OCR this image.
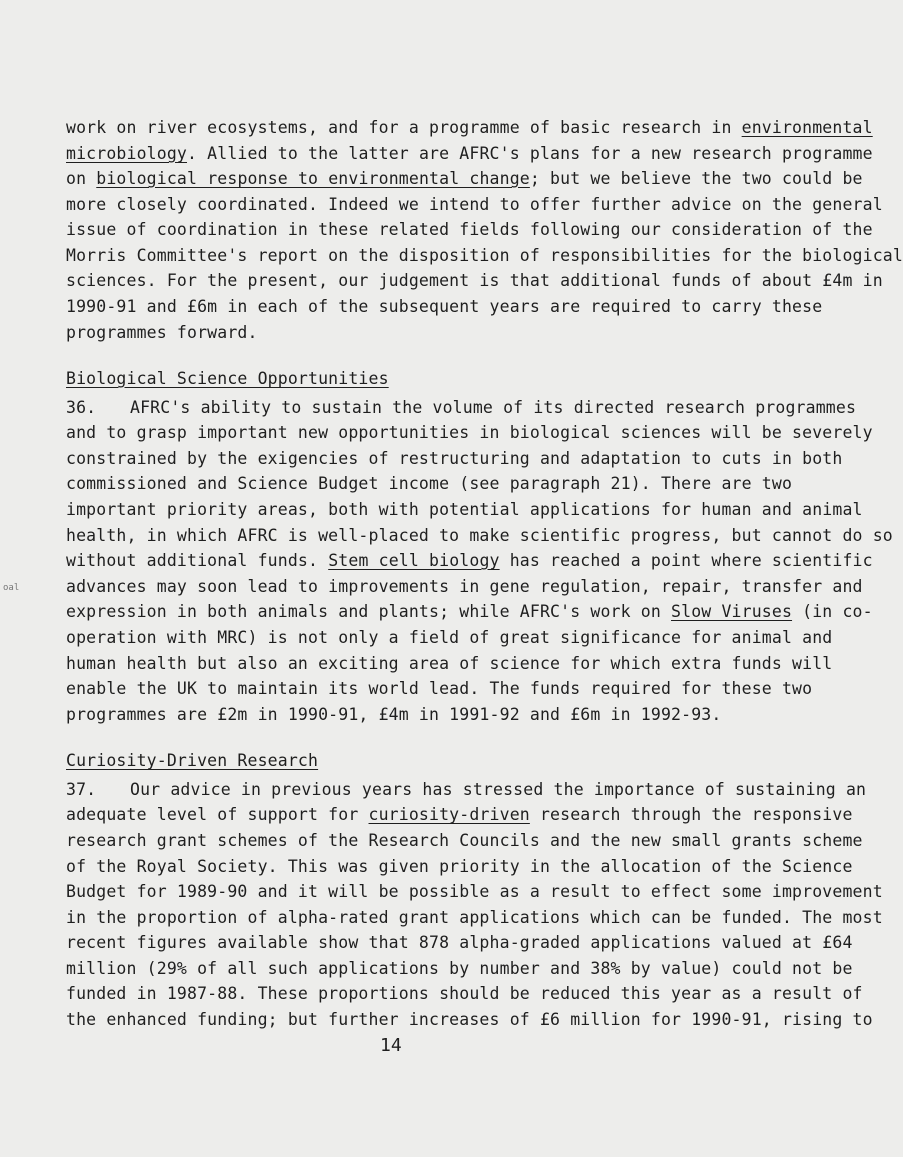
oal
work on river ecosystems, and for a programme of basic research in environmental
microbiology. Allied to the latter are AFRC's plans for a new research programme
on biological response to environmental change; but we believe the two could be
more closely coordinated. Indeed we intend to offer further advice on the general
issue of coordination in these related fields following our consideration of the
Morris Committee's report on the disposition of responsibilities for the biological
sciences. For the present, our judgement is that additional funds of about £4m in
1990-91 and £6m in each of the subsequent years are required to carry these
programmes forward.
Biological Science Opportunities
36. AFRC's ability to sustain the volume of its directed research programmes
and to grasp important new opportunities in biological sciences will be severely
constrained by the exigencies of restructuring and adaptation to cuts in both
commissioned and Science Budget income (see paragraph 21). There are two
important priority areas, both with potential applications for human and animal
health, in which AFRC is well-placed to make scientific progress, but cannot do so
without additional funds. Stem cell biology has reached a point where scientific
advances may soon lead to improvements in gene regulation, repair, transfer and
expression in both animals and plants; while AFRC's work on Slow Viruses (in co-
operation with MRC) is not only a field of great significance for animal and
human health but also an exciting area of science for which extra funds will
enable the UK to maintain its world lead. The funds required for these two
programmes are £2m in 1990-91, £4m in 1991-92 and £6m in 1992-93.
Curiosity-Driven Research
37. Our advice in previous years has stressed the importance of sustaining an
adequate level of support for curiosity-driven research through the responsive
research grant schemes of the Research Councils and the new small grants scheme
of the Royal Society. This was given priority in the allocation of the Science
Budget for 1989-90 and it will be possible as a result to effect some improvement
in the proportion of alpha-rated grant applications which can be funded. The most
recent figures available show that 878 alpha-graded applications valued at £64
million (29% of all such applications by number and 38% by value) could not be
funded in 1987-88. These proportions should be reduced this year as a result of
the enhanced funding; but further increases of £6 million for 1990-91, rising to
14
